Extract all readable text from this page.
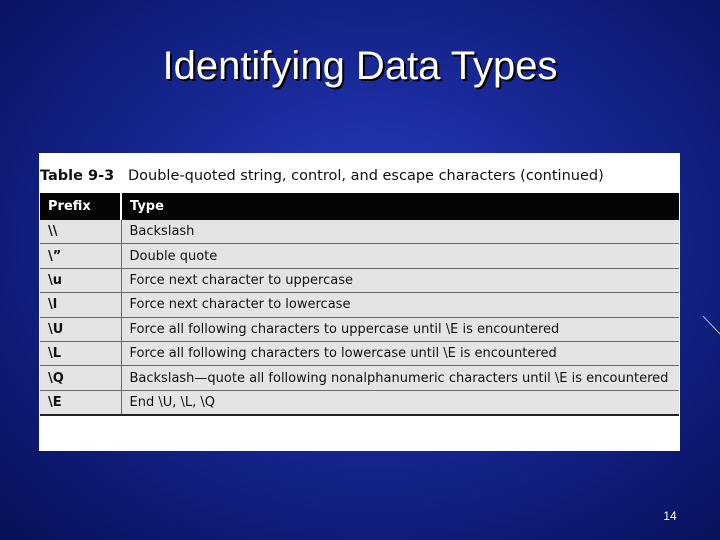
Identifying Data Types
Table 9-3 Double-quoted string, control, and escape characters (continued)
Prefix	Type
\\	Backslash
\”	Double quote
\u	Force next character to uppercase
\l	Force next character to lowercase
\U	Force all following characters to uppercase until \E is encountered
\L	Force all following characters to lowercase until \E is encountered
\Q	Backslash—quote all following nonalphanumeric characters until \E is encountered
\E	End \U, \L, \Q
14
